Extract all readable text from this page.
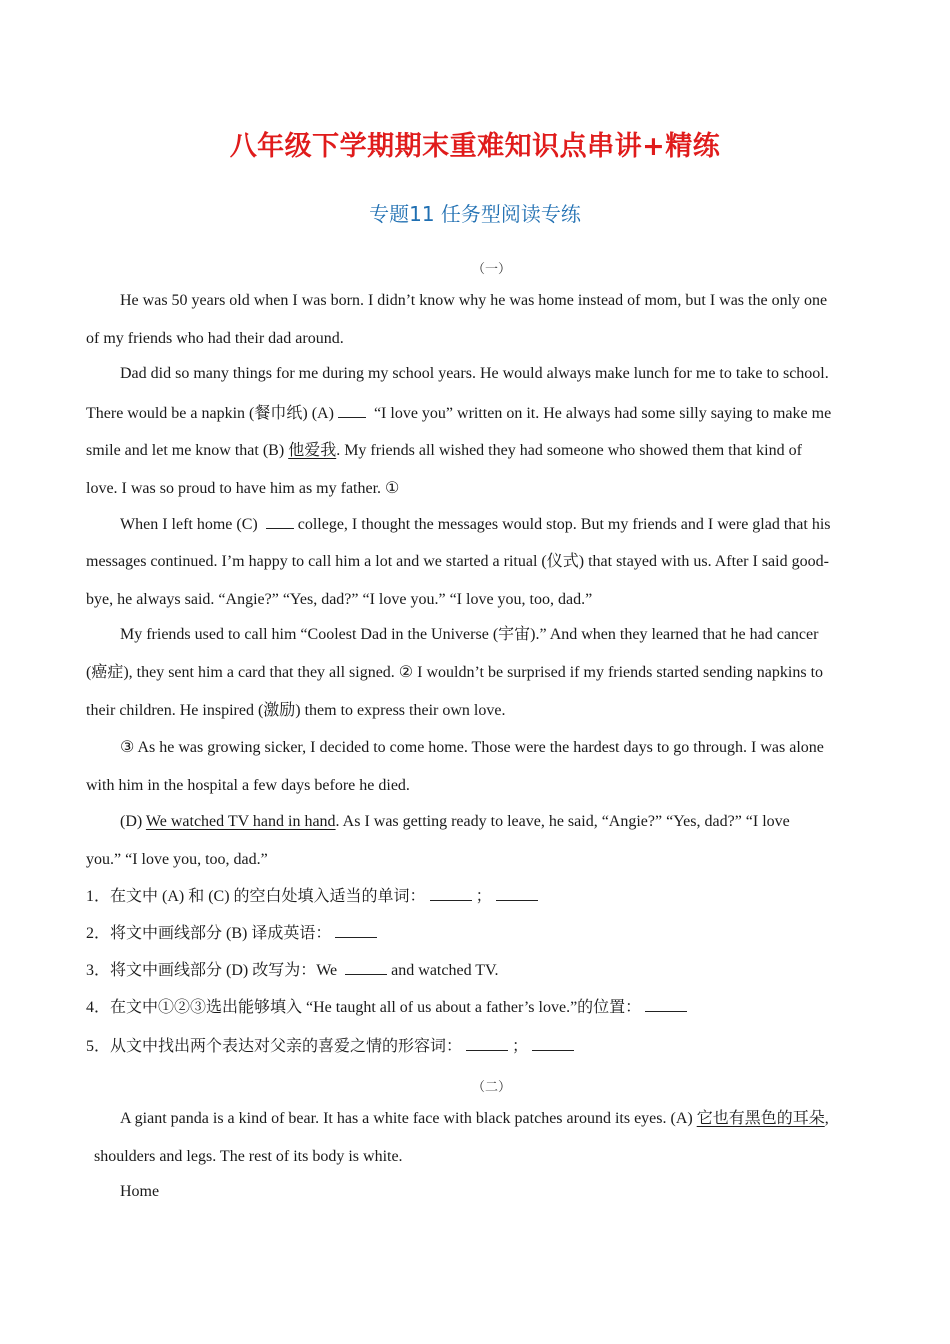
八年级下学期期末重难知识点串讲+精练
专题11 任务型阅读专练
（一）
He was 50 years old when I was born. I didn’t know why he was home instead of mom, but I was the only one
of my friends who had their dad around.
Dad did so many things for me during my school years. He would always make lunch for me to take to school.
There would be a napkin (餐巾纸) (A) “I love you” written on it. He always had some silly saying to make me
smile and let me know that (B) 他爱我. My friends all wished they had someone who showed them that kind of
love. I was so proud to have him as my father. ①
When I left home (C) college, I thought the messages would stop. But my friends and I were glad that his
messages continued. I’m happy to call him a lot and we started a ritual (仪式) that stayed with us. After I said good-
bye, he always said. “Angie?” “Yes, dad?” “I love you.” “I love you, too, dad.”
My friends used to call him “Coolest Dad in the Universe (宇宙).” And when they learned that he had cancer
(癌症), they sent him a card that they all signed. ② I wouldn’t be surprised if my friends started sending napkins to
their children. He inspired (激励) them to express their own love.
③ As he was growing sicker, I decided to come home. Those were the hardest days to go through. I was alone
with him in the hospital a few days before he died.
(D) We watched TV hand in hand. As I was getting ready to leave, he said, “Angie?” “Yes, dad?” “I love
you.” “I love you, too, dad.”
1．在文中 (A) 和 (C) 的空白处填入适当的单词：	；
2．将文中画线部分 (B) 译成英语：
3．将文中画线部分 (D) 改写为：We	and watched TV.
4．在文中①②③选出能够填入 “He taught all of us about a father’s love.”的位置：
5．从文中找出两个表达对父亲的喜爱之情的形容词：	；
（二）
A giant panda is a kind of bear. It has a white face with black patches around its eyes. (A) 它也有黑色的耳朵,
shoulders and legs. The rest of its body is white.
Home
